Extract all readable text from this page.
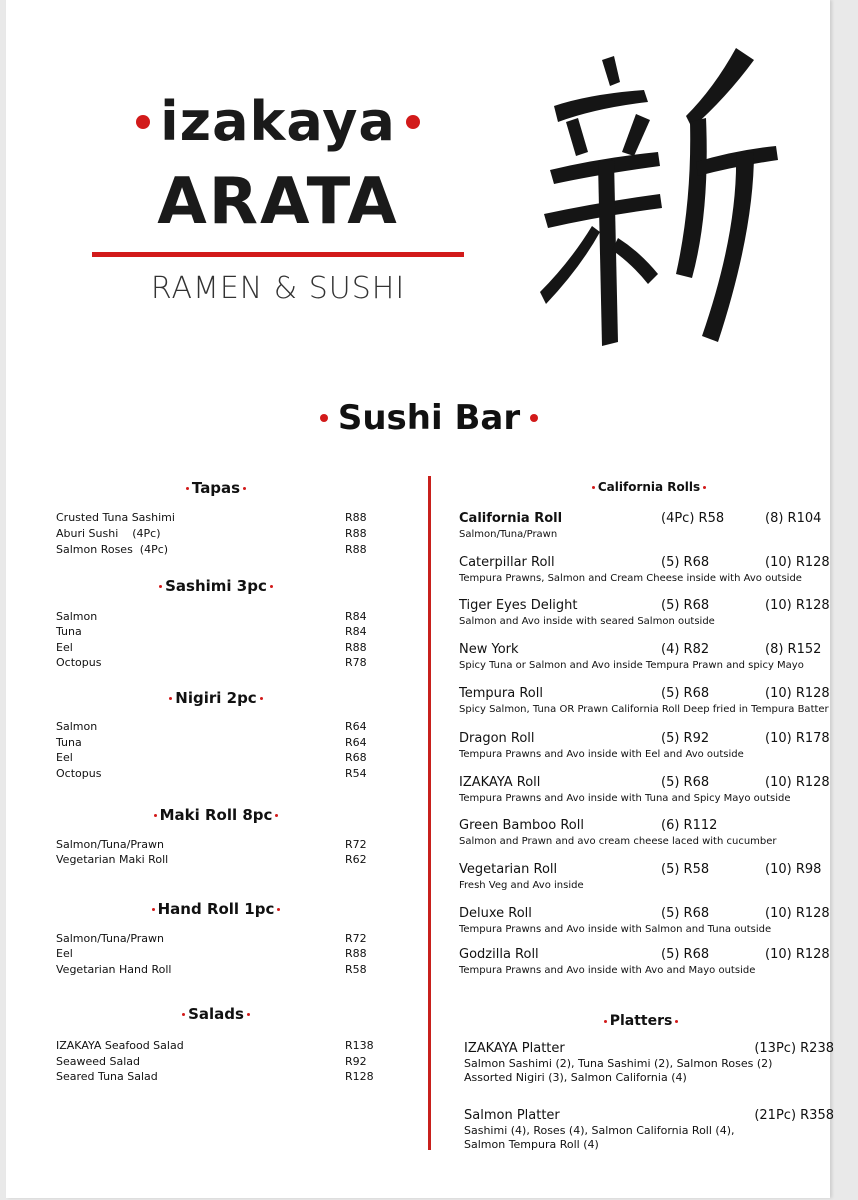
izakaya
ARATA
RAMEN & SUSHI
Sushi Bar
Tapas
Crusted Tuna Sashimi	R88
Aburi Sushi    (4Pc)	R88
Salmon Roses  (4Pc)	R88
Sashimi 3pc
Salmon	R84
Tuna	R84
Eel	R88
Octopus	R78
Nigiri 2pc
Salmon	R64
Tuna	R64
Eel	R68
Octopus	R54
Maki Roll 8pc
Salmon/Tuna/Prawn	R72
Vegetarian Maki Roll	R62
Hand Roll 1pc
Salmon/Tuna/Prawn	R72
Eel	R88
Vegetarian Hand Roll	R58
Salads
IZAKAYA Seafood Salad	R138
Seaweed Salad	R92
Seared Tuna Salad	R128
California Rolls
California Roll	(4Pc) R58	(8) R104
Salmon/Tuna/Prawn
Caterpillar Roll	(5) R68	(10) R128
Tempura Prawns, Salmon and Cream Cheese inside with Avo outside
Tiger Eyes Delight	(5) R68	(10) R128
Salmon and Avo inside with seared Salmon outside
New York	(4) R82	(8) R152
Spicy Tuna or Salmon and Avo inside Tempura Prawn and spicy Mayo
Tempura Roll	(5) R68	(10) R128
Spicy Salmon, Tuna OR Prawn California Roll Deep fried in Tempura Batter
Dragon Roll	(5) R92	(10) R178
Tempura Prawns and Avo inside with Eel and Avo outside
IZAKAYA Roll	(5) R68	(10) R128
Tempura Prawns and Avo inside with Tuna and Spicy Mayo outside
Green Bamboo Roll	(6) R112
Salmon and Prawn and avo cream cheese laced with cucumber
Vegetarian Roll	(5) R58	(10) R98
Fresh Veg and Avo inside
Deluxe Roll	(5) R68	(10) R128
Tempura Prawns and Avo inside with Salmon and Tuna outside
Godzilla Roll	(5) R68	(10) R128
Tempura Prawns and Avo inside with Avo and Mayo outside
Platters
IZAKAYA Platter	(13Pc) R238
Salmon Sashimi (2), Tuna Sashimi (2), Salmon Roses (2)
Assorted Nigiri (3), Salmon California (4)
Salmon Platter	(21Pc) R358
Sashimi (4), Roses (4), Salmon California Roll (4),
Salmon Tempura Roll (4)
